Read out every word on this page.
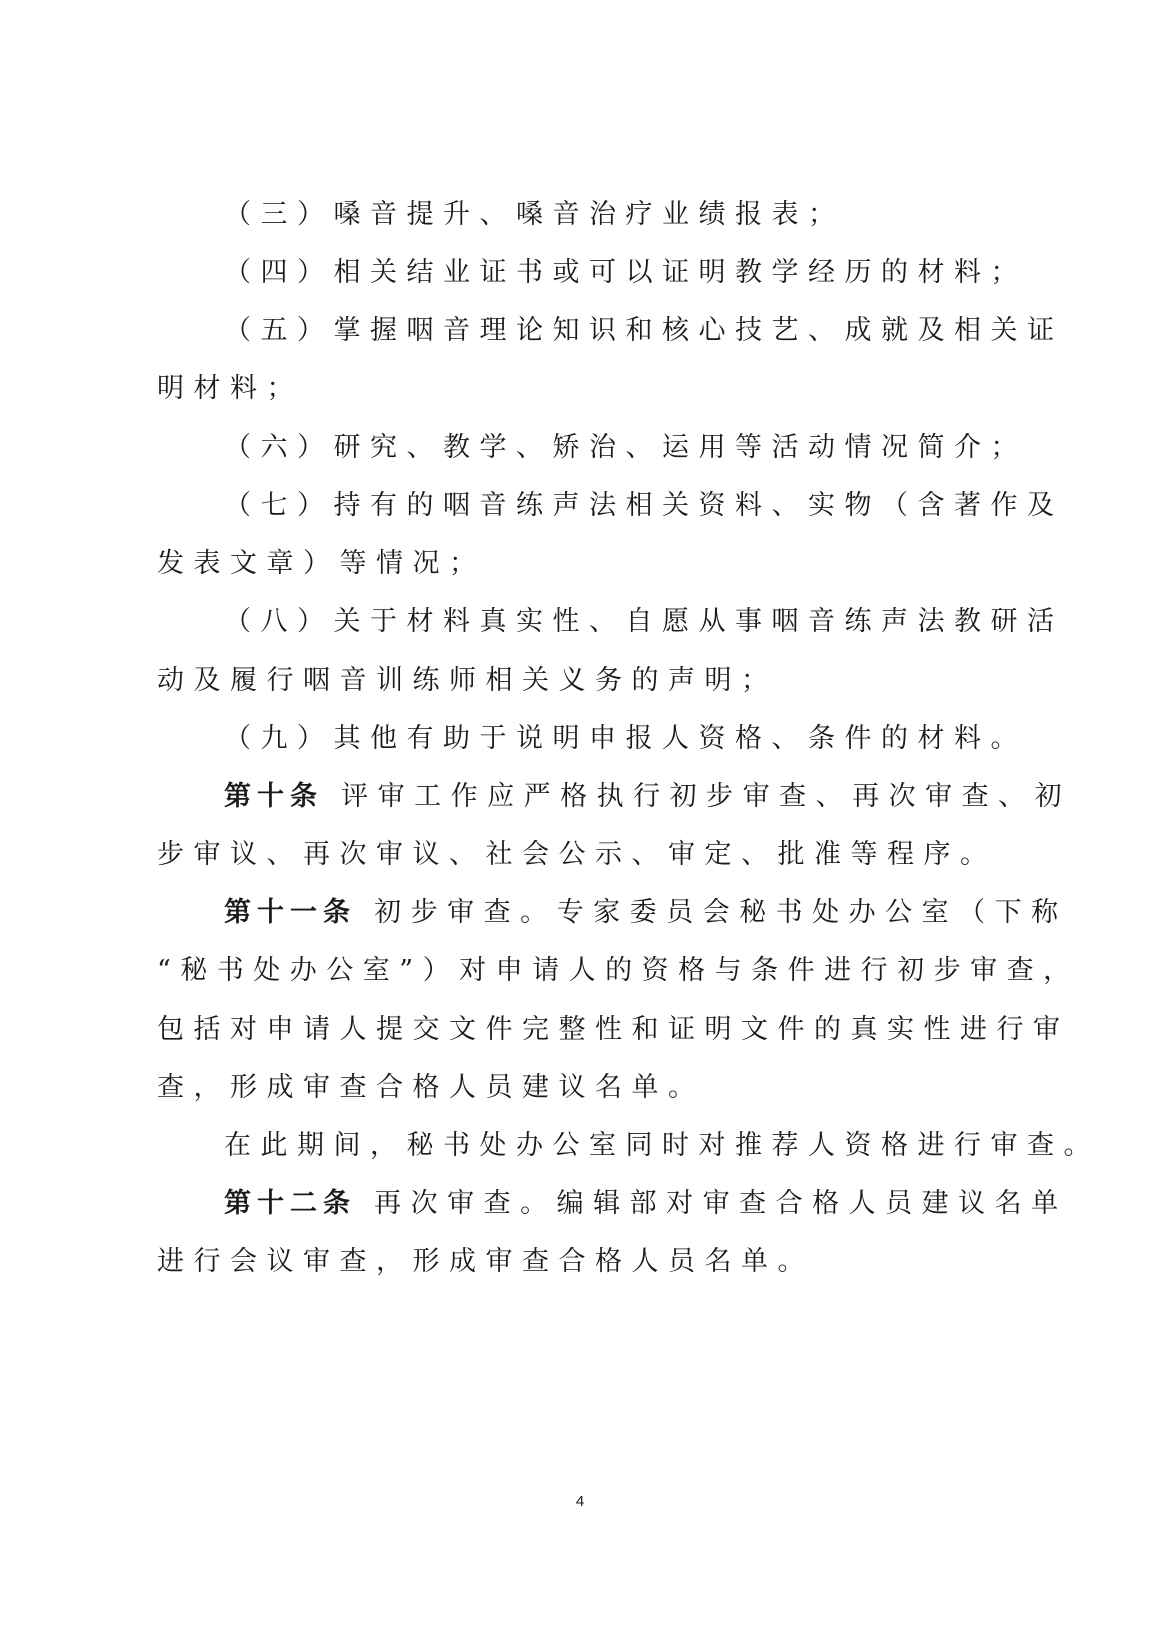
（三）嗓音提升、嗓音治疗业绩报表；
（四）相关结业证书或可以证明教学经历的材料；
（五）掌握咽音理论知识和核心技艺、成就及相关证
明材料；
（六）研究、教学、矫治、运用等活动情况简介；
（七）持有的咽音练声法相关资料、实物（含著作及
发表文章）等情况；
（八）关于材料真实性、自愿从事咽音练声法教研活
动及履行咽音训练师相关义务的声明；
（九）其他有助于说明申报人资格、条件的材料。
第十条 评审工作应严格执行初步审查、再次审查、初
步审议、再次审议、社会公示、审定、批准等程序。
第十一条 初步审查。专家委员会秘书处办公室（下称
“秘书处办公室”）对申请人的资格与条件进行初步审查，
包括对申请人提交文件完整性和证明文件的真实性进行审
查，形成审查合格人员建议名单。
在此期间，秘书处办公室同时对推荐人资格进行审查。
第十二条 再次审查。编辑部对审查合格人员建议名单
进行会议审查，形成审查合格人员名单。
4
